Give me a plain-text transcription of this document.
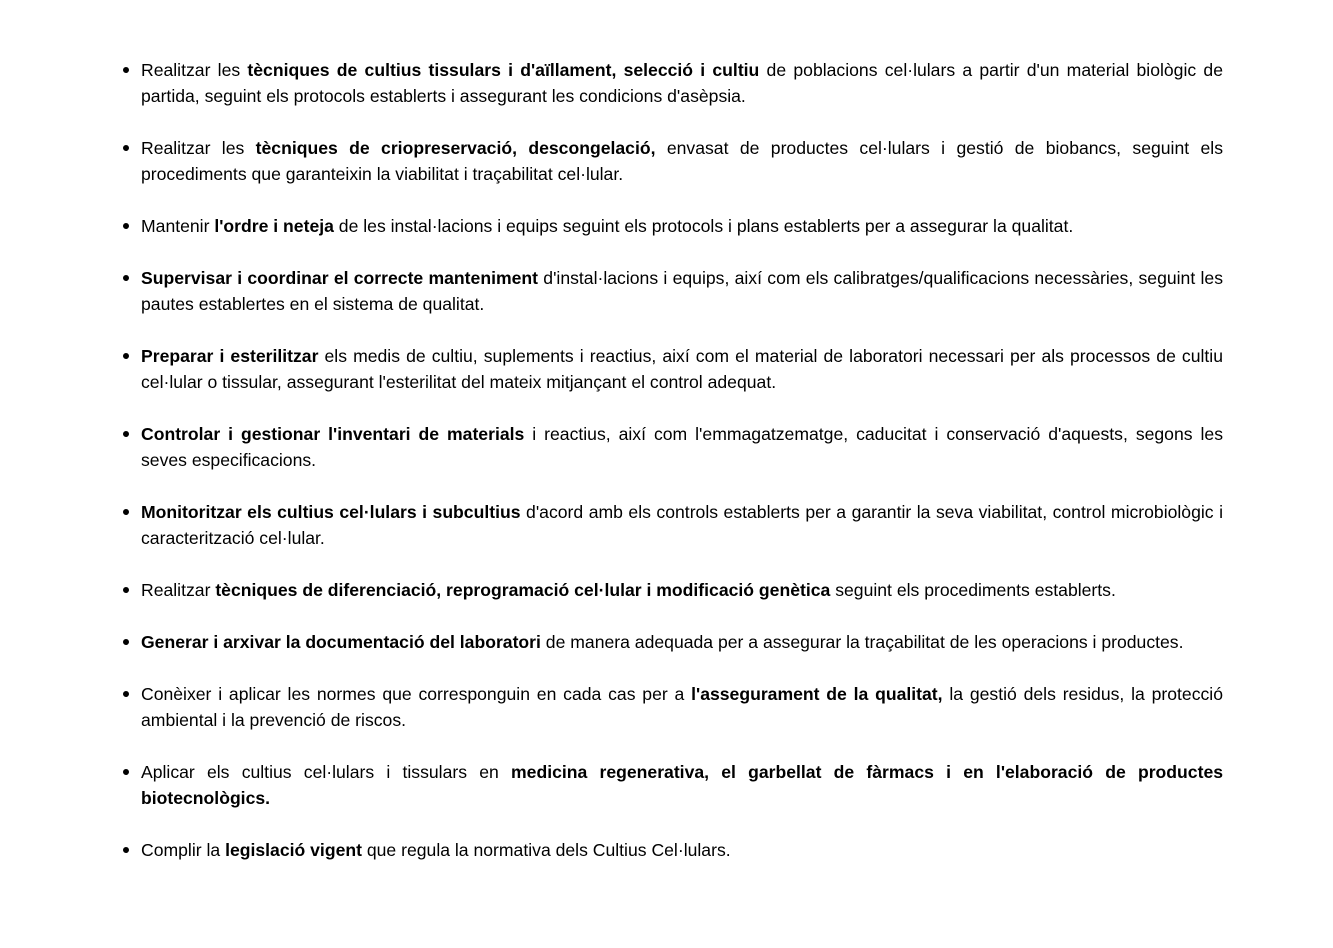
Realitzar les tècniques de cultius tissulars i d'aïllament, selecció i cultiu de poblacions cel·lulars a partir d'un material biològic de partida, seguint els protocols establerts i assegurant les condicions d'asèpsia.
Realitzar les tècniques de criopreservació, descongelació, envasat de productes cel·lulars i gestió de biobancs, seguint els procediments que garanteixin la viabilitat i traçabilitat cel·lular.
Mantenir l'ordre i neteja de les instal·lacions i equips seguint els protocols i plans establerts per a assegurar la qualitat.
Supervisar i coordinar el correcte manteniment d'instal·lacions i equips, així com els calibratges/qualificacions necessàries, seguint les pautes establertes en el sistema de qualitat.
Preparar i esterilitzar els medis de cultiu, suplements i reactius, així com el material de laboratori necessari per als processos de cultiu cel·lular o tissular, assegurant l'esterilitat del mateix mitjançant el control adequat.
Controlar i gestionar l'inventari de materials i reactius, així com l'emmagatzematge, caducitat i conservació d'aquests, segons les seves especificacions.
Monitoritzar els cultius cel·lulars i subcultius d'acord amb els controls establerts per a garantir la seva viabilitat, control microbiològic i caracterització cel·lular.
Realitzar tècniques de diferenciació, reprogramació cel·lular i modificació genètica seguint els procediments establerts.
Generar i arxivar la documentació del laboratori de manera adequada per a assegurar la traçabilitat de les operacions i productes.
Conèixer i aplicar les normes que corresponguin en cada cas per a l'assegurament de la qualitat, la gestió dels residus, la protecció ambiental i la prevenció de riscos.
Aplicar els cultius cel·lulars i tissulars en medicina regenerativa, el garbellat de fàrmacs i en l'elaboració de productes biotecnològics.
Complir la legislació vigent que regula la normativa dels Cultius Cel·lulars.
